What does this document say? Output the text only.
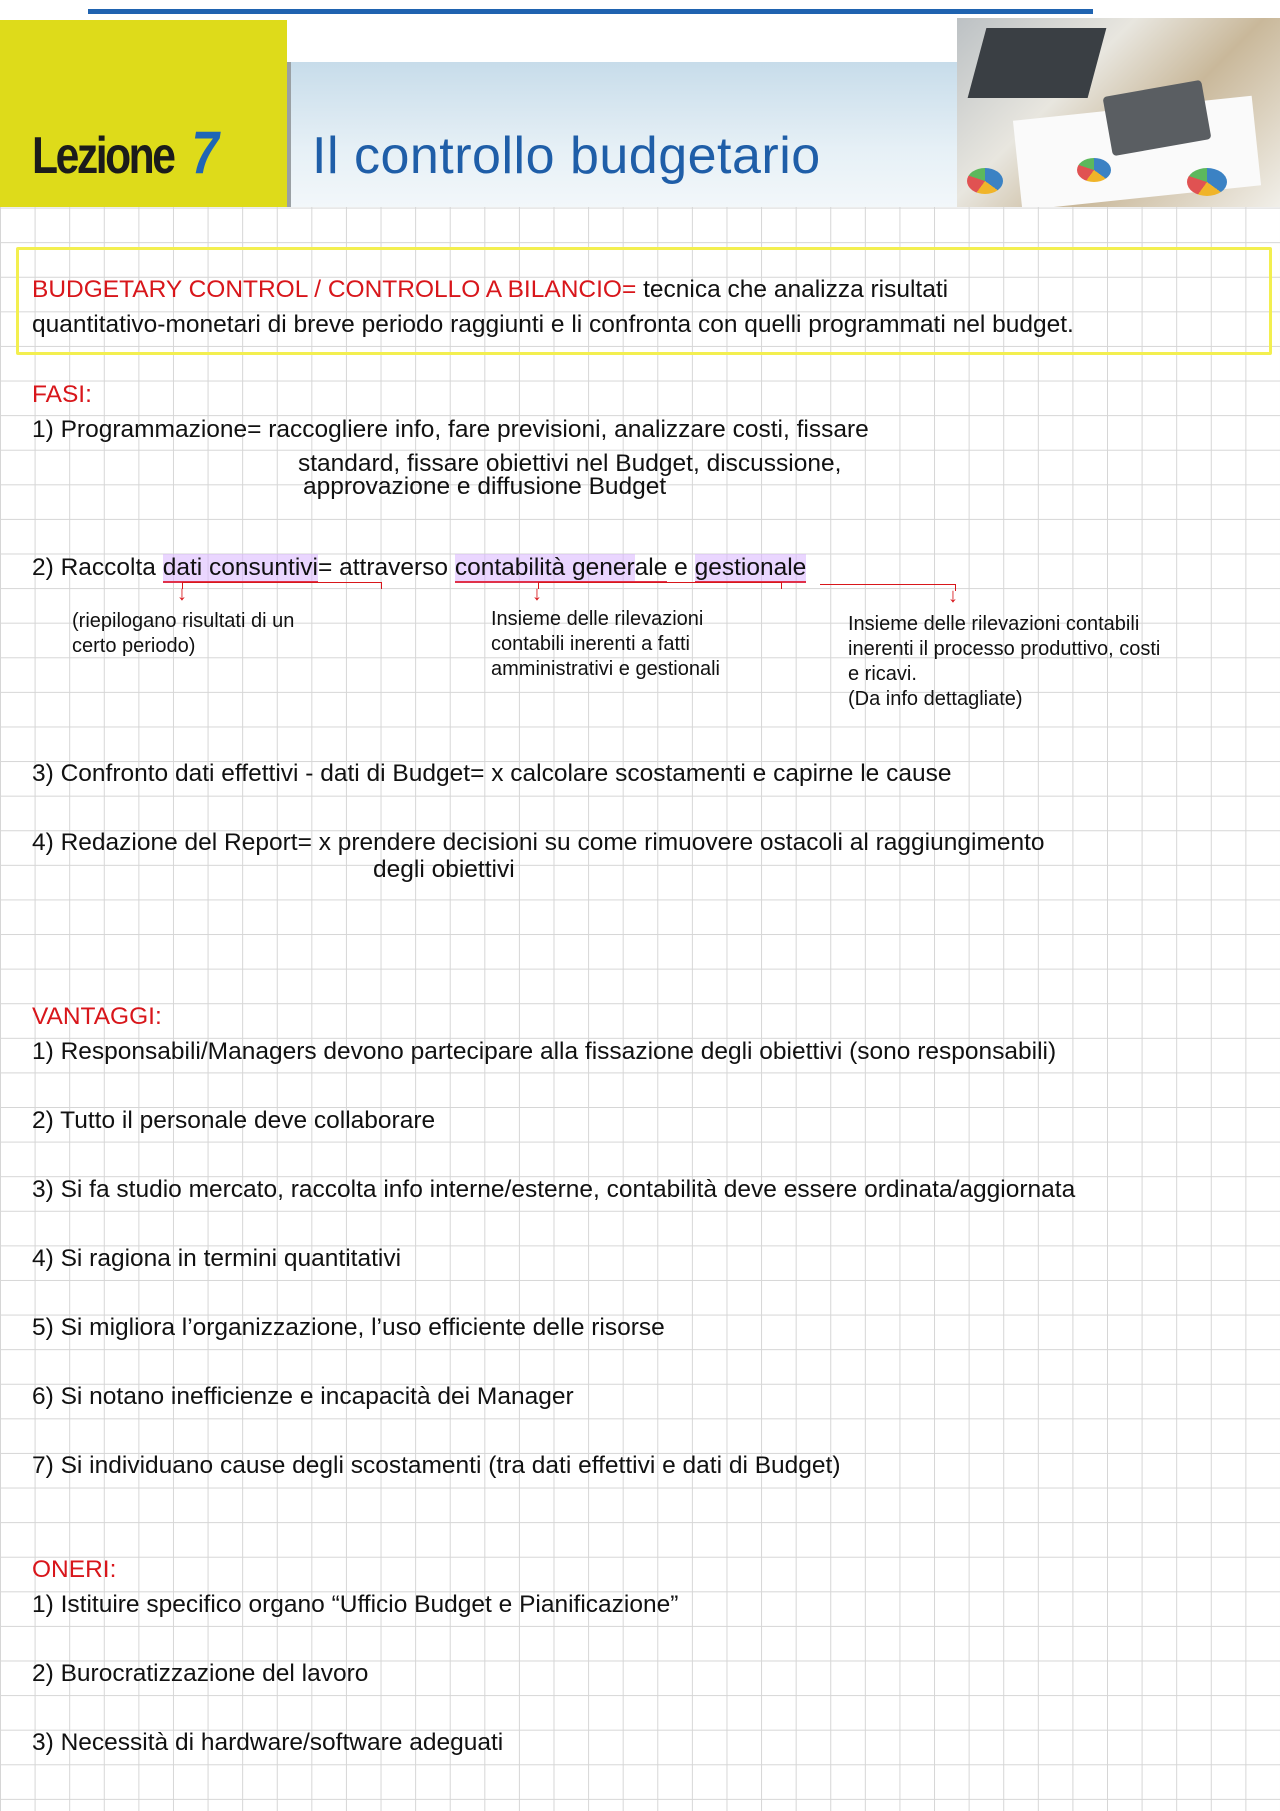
Lezione 7 Il controllo budgetario
BUDGETARY CONTROL / CONTROLLO A BILANCIO= tecnica che analizza risultati
quantitativo-monetari di breve periodo raggiunti e li confronta con quelli programmati nel budget.
FASI:
1) Programmazione= raccogliere info, fare previsioni, analizzare costi, fissare
standard, fissare obiettivi nel Budget, discussione,
approvazione e diffusione Budget
2) Raccolta dati consuntivi= attraverso contabilità generale e gestionale
↓	↓	↓
(riepilogano risultati di un
certo periodo)
Insieme delle rilevazioni
contabili inerenti a fatti
amministrativi e gestionali
Insieme delle rilevazioni contabili
inerenti il processo produttivo, costi
e ricavi.
(Da info dettagliate)
3) Confronto dati effettivi - dati di Budget= x calcolare scostamenti e capirne le cause
4) Redazione del Report= x prendere decisioni su come rimuovere ostacoli al raggiungimento
degli obiettivi
VANTAGGI:
1) Responsabili/Managers devono partecipare alla fissazione degli obiettivi (sono responsabili)
2) Tutto il personale deve collaborare
3) Si fa studio mercato, raccolta info interne/esterne, contabilità deve essere ordinata/aggiornata
4) Si ragiona in termini quantitativi
5) Si migliora l’organizzazione, l’uso efficiente delle risorse
6) Si notano inefficienze e incapacità dei Manager
7) Si individuano cause degli scostamenti (tra dati effettivi e dati di Budget)
ONERI:
1) Istituire specifico organo “Ufficio Budget e Pianificazione”
2) Burocratizzazione del lavoro
3) Necessità di hardware/software adeguati
